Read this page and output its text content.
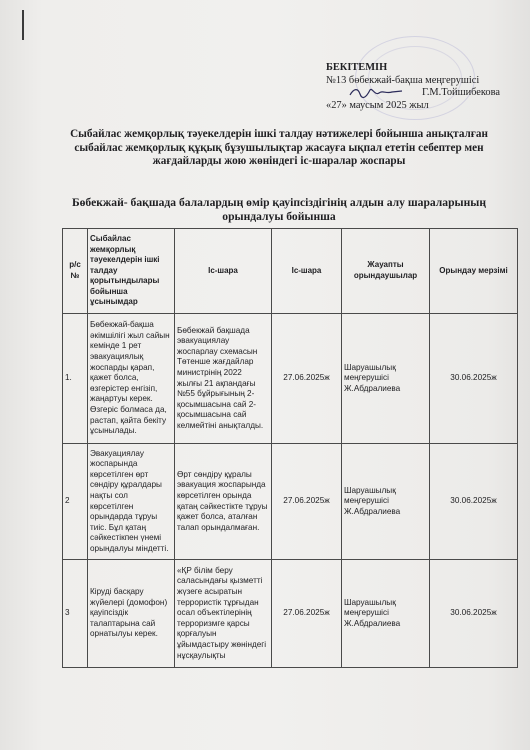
БЕКІТЕМІН
№13 бөбекжай-бақша меңгерушісі
Г.М.Тойшибекова
«27» маусым 2025 жыл
Сыбайлас жемқорлық тәуекелдерін ішкі талдау нәтижелері бойынша анықталған сыбайлас жемқорлық құқық бұзушылықтар жасауға ықпал ететін себептер мен жағдайларды жою жөніндегі іс-шаралар жоспары
Бөбекжай- бақшада балалардың өмір қауіпсіздігінің алдын алу шараларының орындалуы бойынша
р/с №	Сыбайлас жемқорлық тәуекелдерін ішкі талдау қорытындылары бойынша ұсынымдар	Іс-шара	Іс-шара	Жауапты орындаушылар	Орындау мерзімі
1.	Бөбекжай-бақша әкімшілігі жыл сайын кемінде 1 рет эвакуациялық жоспарды қарап, қажет болса, өзгерістер енгізіп, жаңартуы керек. Өзгеріс болмаса да, растап, қайта бекіту ұсынылады.	Бөбекжай бақшада эвакуациялау жоспарлау схемасын Төтенше жағдайлар министрінің 2022 жылғы 21 ақпандағы №55 бұйрығының 2-қосымшасына сай 2-қосымшасына сай келмейтіні анықталды.	27.06.2025ж	Шаруашылық меңгерушісі Ж.Абдралиева	30.06.2025ж
2	Эвакуациялау жоспарында көрсетілген өрт сөндіру құралдары нақты сол көрсетілген орындарда тұруы тиіс. Бұл қатаң сәйкестікпен үнемі орындалуы міндетті.	Өрт сөндіру құралы эвакуация жоспарында көрсетілген орында қатаң сәйкестікте тұруы қажет болса, аталған талап орындалмаған.	27.06.2025ж	Шаруашылық меңгерушісі Ж.Абдралиева	30.06.2025ж
3	Кіруді басқару жүйелері (домофон) қауіпсіздік талаптарына сай орнатылуы керек.	«ҚР білім беру саласындағы қызметті жүзеге асыратын террористік тұрғыдан осал объектілерінің терроризмге қарсы қорғалуын ұйымдастыру жөніндегі нұсқаулықты	27.06.2025ж	Шаруашылық меңгерушісі Ж.Абдралиева	30.06.2025ж
